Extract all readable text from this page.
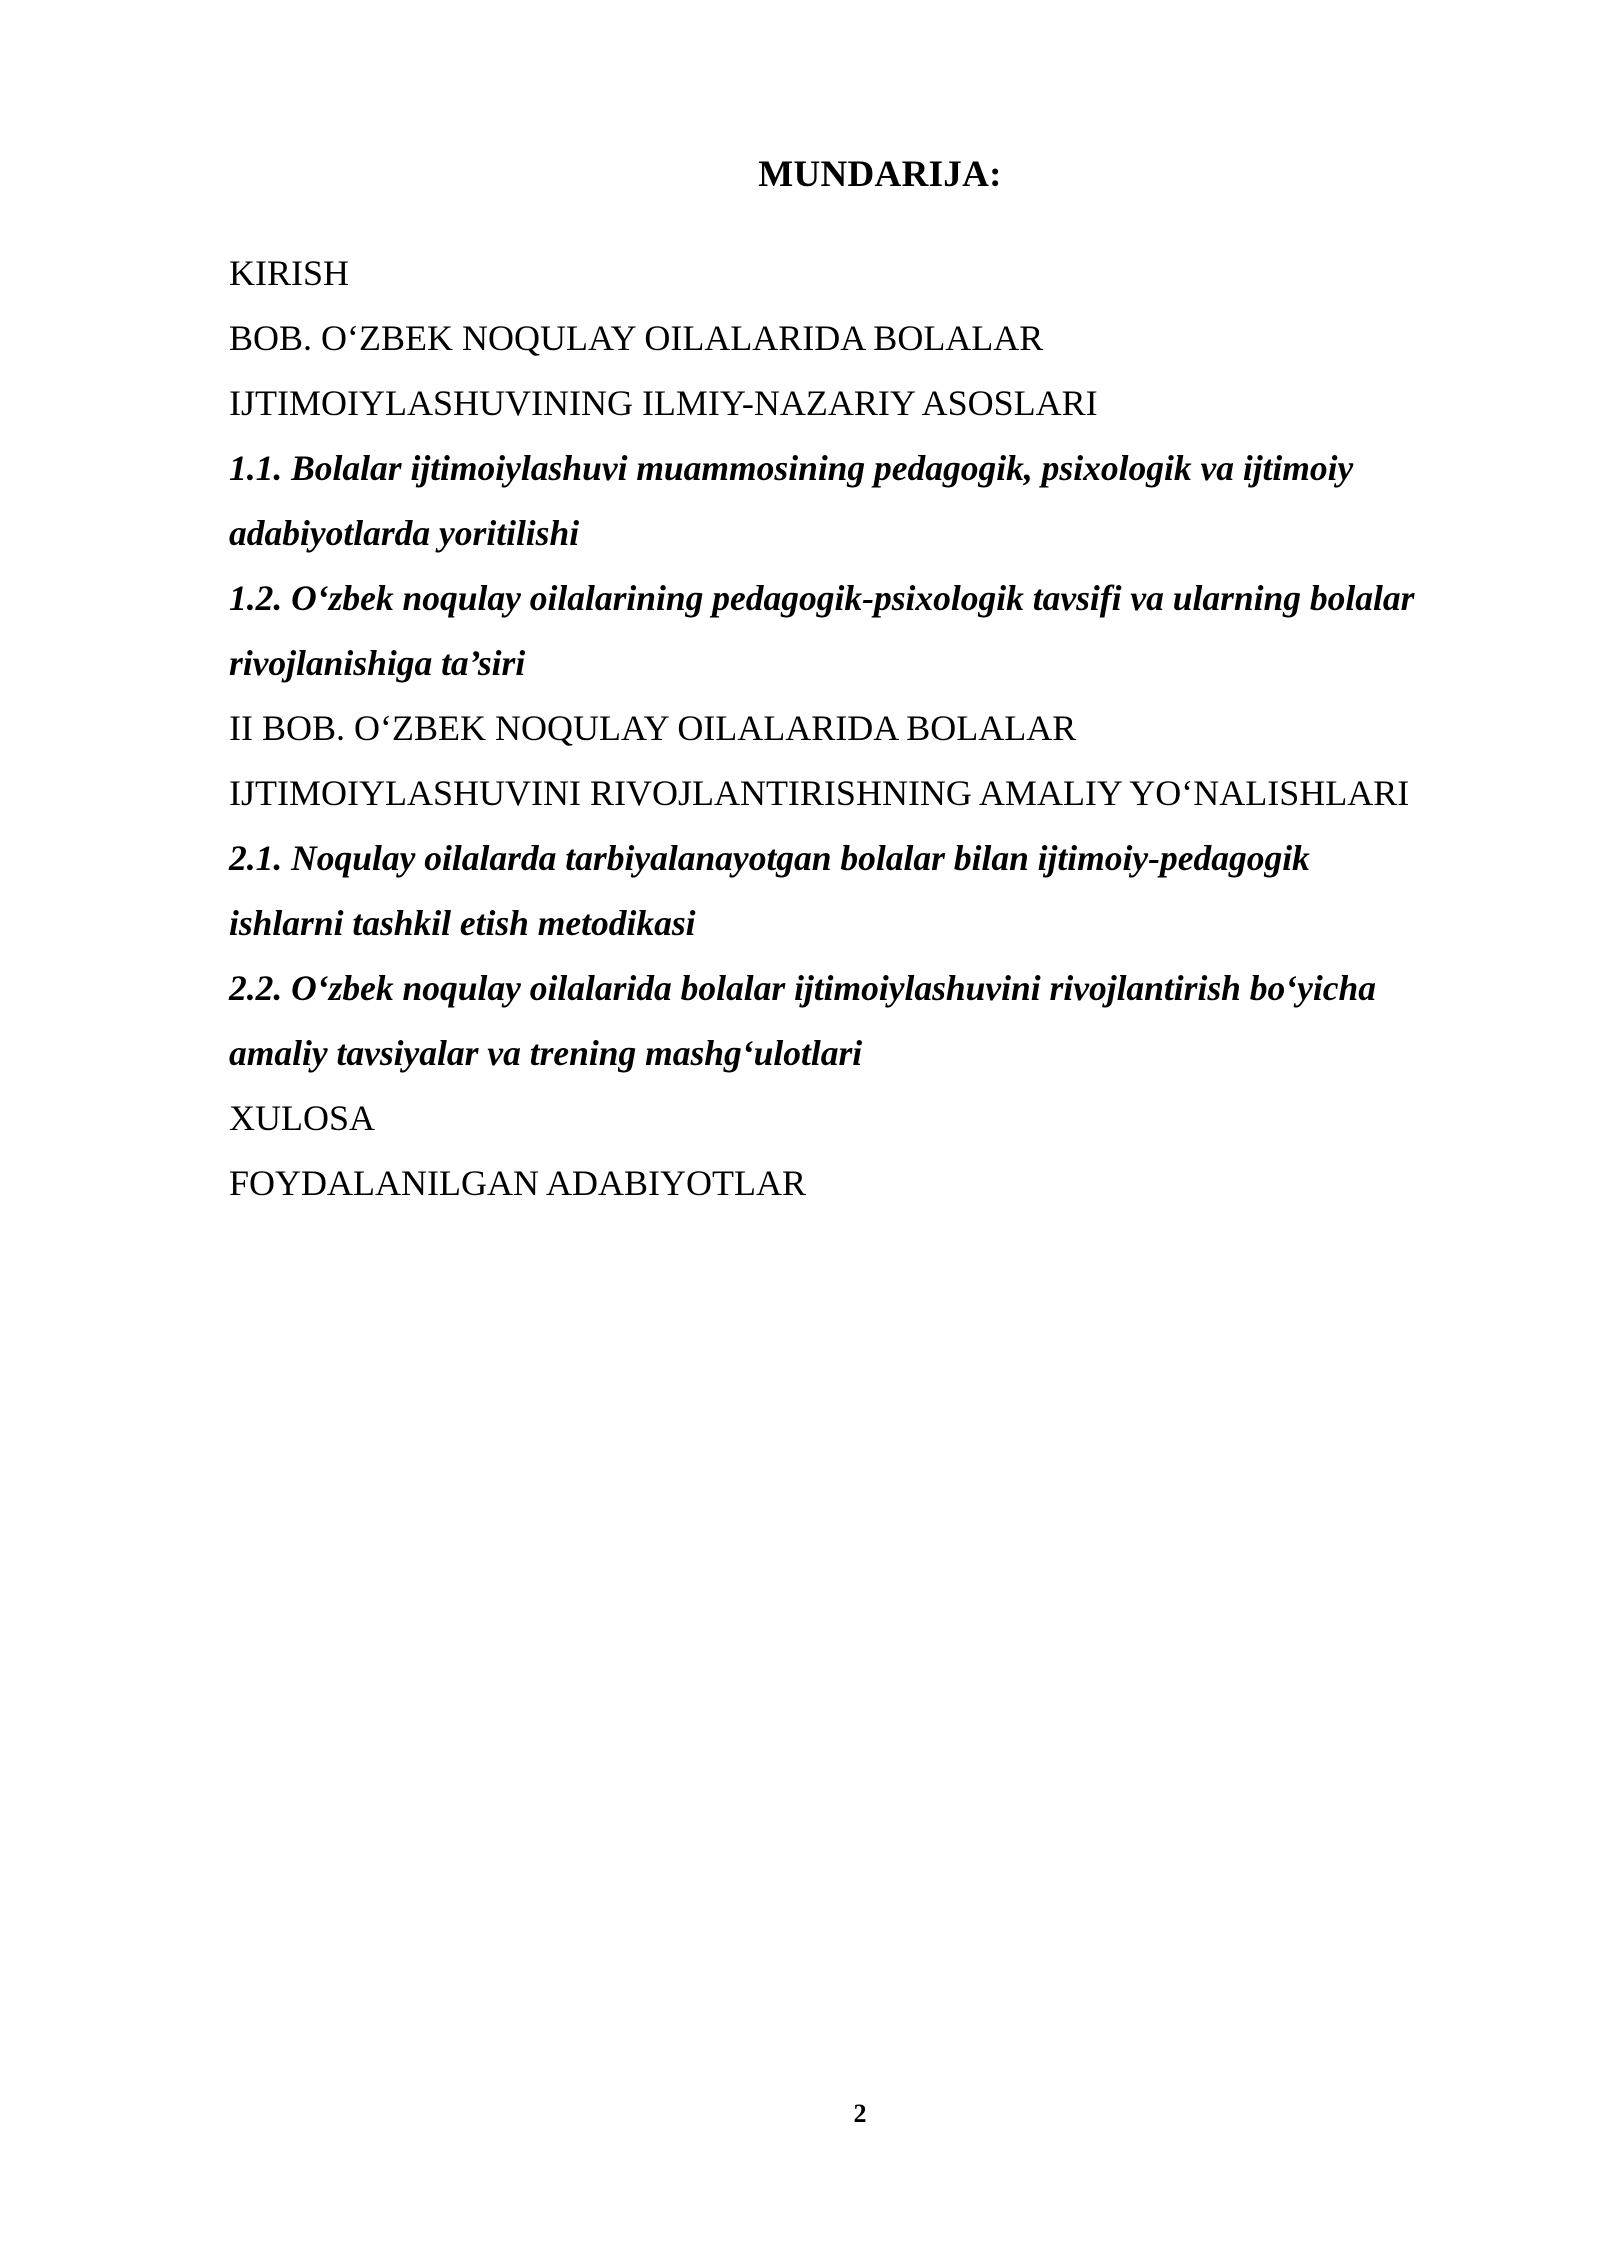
MUNDARIJA:
KIRISH
BOB. O‘ZBEK NOQULAY OILALARIDA BOLALAR
IJTIMOIYLASHUVINING ILMIY-NAZARIY ASOSLARI
1.1. Bolalar ijtimoiylashuvi muammosining pedagogik, psixologik va ijtimoiy
adabiyotlarda yoritilishi
1.2. O‘zbek noqulay oilalarining pedagogik-psixologik tavsifi va ularning bolalar
rivojlanishiga ta’siri
II BOB. O‘ZBEK NOQULAY OILALARIDA BOLALAR
IJTIMOIYLASHUVINI RIVOJLANTIRISHNING AMALIY YO‘NALISHLARI
2.1. Noqulay oilalarda tarbiyalanayotgan bolalar bilan ijtimoiy-pedagogik
ishlarni tashkil etish metodikasi
2.2. O‘zbek noqulay oilalarida bolalar ijtimoiylashuvini rivojlantirish bo‘yicha
amaliy tavsiyalar va trening mashg‘ulotlari
XULOSA
FOYDALANILGAN ADABIYOTLAR
2
